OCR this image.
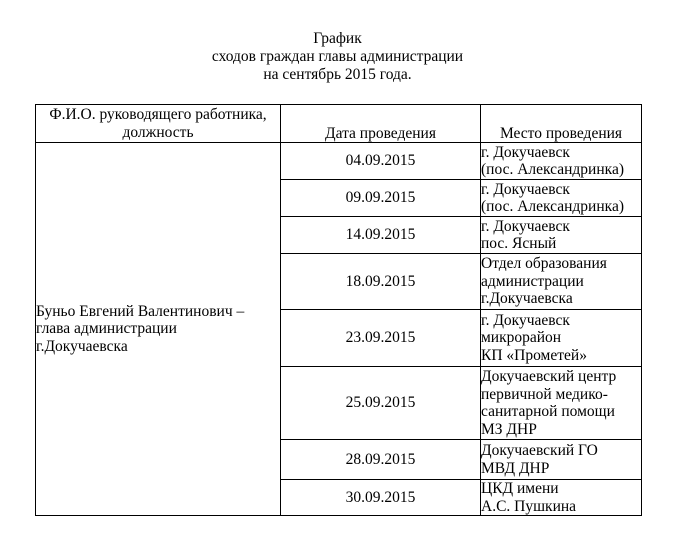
График
сходов граждан главы администрации
на сентябрь 2015 года.
Ф.И.О. руководящего работника,
должность	Дата проведения	Место проведения

Буньо Евгений Валентинович –
глава администрации
г.Докучаевска	04.09.2015	г. Докучаевск
(пос. Александринка)

	09.09.2015	г. Докучаевск
(пос. Александринка)

	14.09.2015	г. Докучаевск
пос. Ясный

	18.09.2015	Отдел образования
администрации
г.Докучаевска

	23.09.2015	г. Докучаевск
микрорайон
КП «Прометей»

	25.09.2015	Докучаевский центр
первичной медико-
санитарной помощи
МЗ ДНР

	28.09.2015	Докучаевский ГО
МВД ДНР

	30.09.2015	ЦКД имени
А.С. Пушкина
